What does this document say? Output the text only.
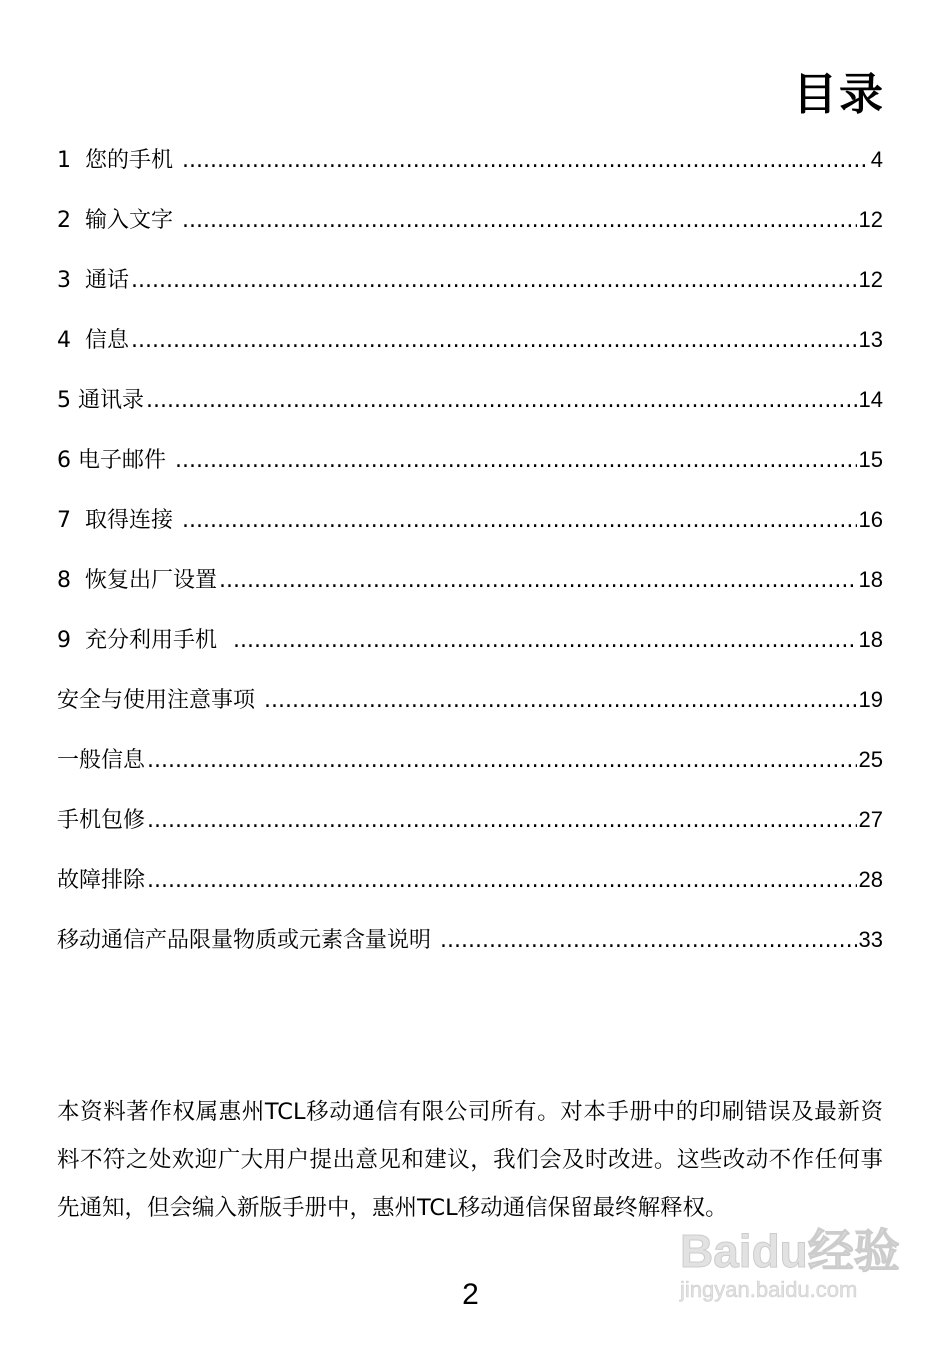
目录
1  您的手机 .....	4
2  输入文字 .....	12
3  通话 .....	12
4  信息 .....	13
5 通讯录 .....	14
6 电子邮件 .....	15
7  取得连接 .....	16
8  恢复出厂设置 .....	18
9  充分利用手机 .....	18
安全与使用注意事项 .....	19
一般信息 .....	25
手机包修 .....	27
故障排除 .....	28
移动通信产品限量物质或元素含量说明 .....	33
本资料著作权属惠州TCL移动通信有限公司所有。对本手册中的印刷错误及最新资料不符之处欢迎广大用户提出意见和建议，我们会及时改进。这些改动不作任何事先通知，但会编入新版手册中，惠州TCL移动通信保留最终解释权。
2
Baidu经验
jingyan.baidu.com
